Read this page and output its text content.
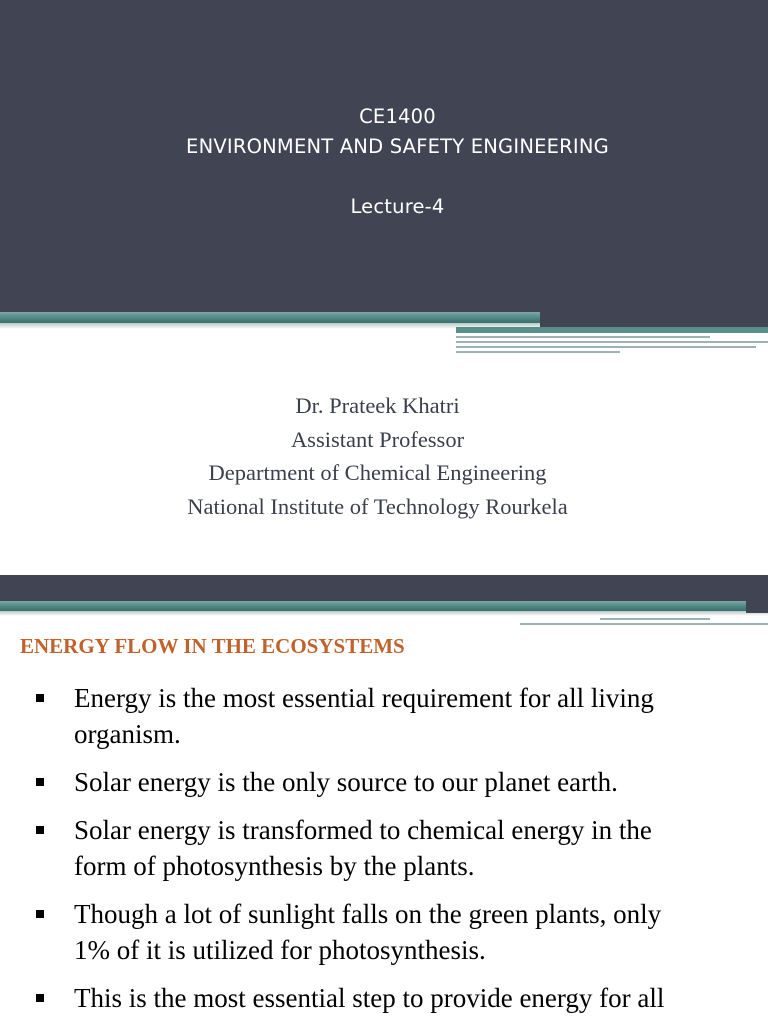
CE1400
ENVIRONMENT AND SAFETY ENGINEERING
Lecture-4
Dr. Prateek Khatri
Assistant Professor
Department of Chemical Engineering
National Institute of Technology Rourkela
ENERGY FLOW IN THE ECOSYSTEMS
Energy is the most essential requirement for all living
organism.
Solar energy is the only source to our planet earth.
Solar energy is transformed to chemical energy in the
form of photosynthesis by the plants.
Though a lot of sunlight falls on the green plants, only
1% of it is utilized for photosynthesis.
This is the most essential step to provide energy for all
